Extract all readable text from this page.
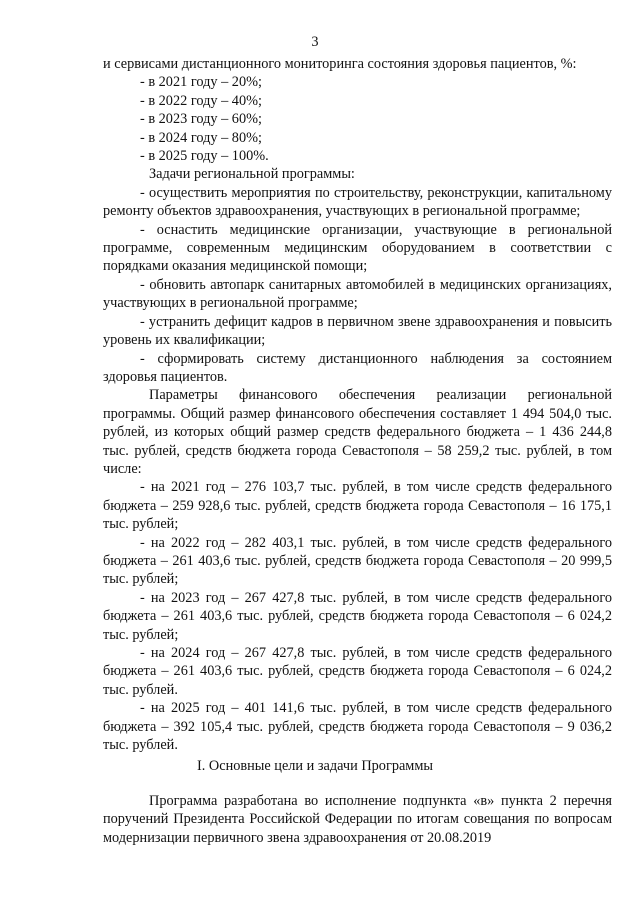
3

и сервисами дистанционного мониторинга состояния здоровья пациентов, %:

- в 2021 году – 20%;

- в 2022 году – 40%;

- в 2023 году – 60%;

- в 2024 году – 80%;

- в 2025 году – 100%.

Задачи региональной программы:

- осуществить мероприятия по строительству, реконструкции, капитальному ремонту объектов здравоохранения, участвующих в региональной программе;

- оснастить медицинские организации, участвующие в региональной программе, современным медицинским оборудованием в соответствии с порядками оказания медицинской помощи;

- обновить автопарк санитарных автомобилей в медицинских организациях, участвующих в региональной программе;

- устранить дефицит кадров в первичном звене здравоохранения и повысить уровень их квалификации;

- сформировать систему дистанционного наблюдения за состоянием здоровья пациентов.

Параметры финансового обеспечения реализации региональной программы. Общий размер финансового обеспечения составляет 1 494 504,0 тыс. рублей, из которых общий размер средств федерального бюджета – 1 436 244,8 тыс. рублей, средств бюджета города Севастополя – 58 259,2 тыс. рублей, в том числе:

- на 2021 год – 276 103,7 тыс. рублей, в том числе средств федерального бюджета – 259 928,6 тыс. рублей, средств бюджета города Севастополя – 16 175,1 тыс. рублей;

- на 2022 год – 282 403,1 тыс. рублей, в том числе средств федерального бюджета – 261 403,6 тыс. рублей, средств бюджета города Севастополя – 20 999,5 тыс. рублей;

- на 2023 год – 267 427,8 тыс. рублей, в том числе средств федерального бюджета – 261 403,6 тыс. рублей, средств бюджета города Севастополя – 6 024,2 тыс. рублей;

- на 2024 год – 267 427,8 тыс. рублей, в том числе средств федерального бюджета – 261 403,6 тыс. рублей, средств бюджета города Севастополя – 6 024,2 тыс. рублей.

- на 2025 год – 401 141,6 тыс. рублей, в том числе средств федерального бюджета – 392 105,4 тыс. рублей, средств бюджета города Севастополя – 9 036,2 тыс. рублей.

I. Основные цели и задачи Программы

Программа разработана во исполнение подпункта «в» пункта 2 перечня поручений Президента Российской Федерации по итогам совещания по вопросам модернизации первичного звена здравоохранения от 20.08.2019
